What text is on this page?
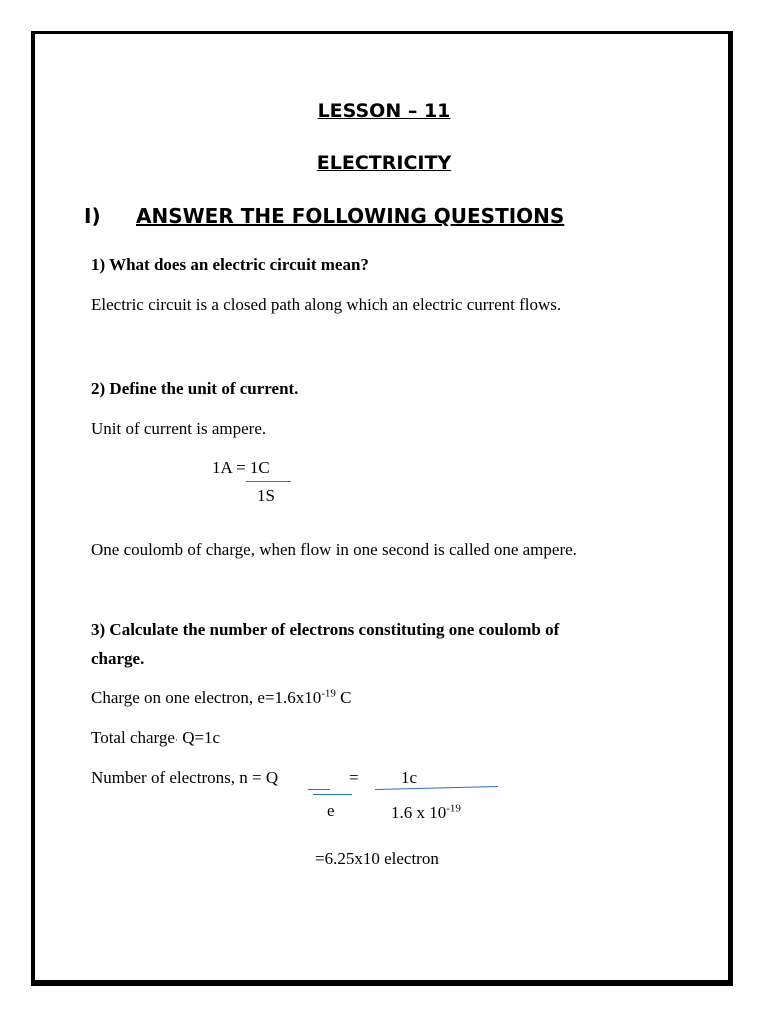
LESSON – 11
ELECTRICITY
I) ANSWER THE FOLLOWING QUESTIONS
1) What does an electric circuit mean?
Electric circuit is a closed path along which an electric current flows.
2) Define the unit of current.
Unit of current is ampere.
1A = 1C
1S
One coulomb of charge, when flow in one second is called one ampere.
3) Calculate the number of electrons constituting one coulomb of
charge.
Charge on one electron, $e=1.6x10^{-19}$ C
Total charge· Q=1c
Number of electrons, n = Q	= 1c
e	1.6 x $10^{-19}$
=6.25x10 electron
